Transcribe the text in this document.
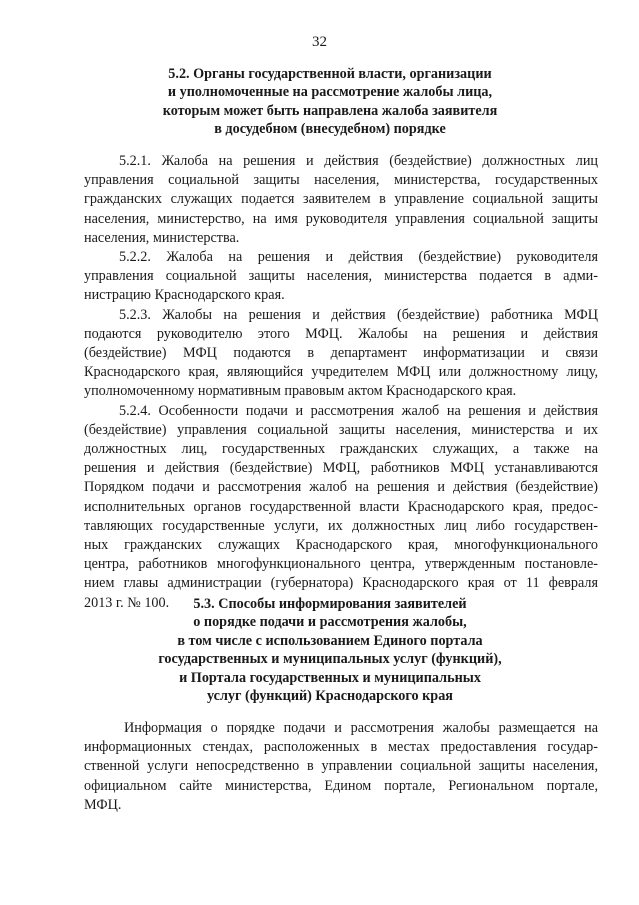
32
5.2. Органы государственной власти, организации
и уполномоченные на рассмотрение жалобы лица,
которым может быть направлена жалоба заявителя
в досудебном (внесудебном) порядке

5.2.1. Жалоба на решения и действия (бездействие) должностных лиц
управления социальной защиты населения, министерства, государственных
гражданских служащих подается заявителем в управление социальной защиты
населения, министерство, на имя руководителя управления социальной защиты
населения, министерства.

5.2.2. Жалоба на решения и действия (бездействие) руководителя
управления социальной защиты населения, министерства подается в адми-
нистрацию Краснодарского края.

5.2.3. Жалобы на решения и действия (бездействие) работника МФЦ
подаются руководителю этого МФЦ. Жалобы на решения и действия
(бездействие) МФЦ подаются в департамент информатизации и связи
Краснодарского края, являющийся учредителем МФЦ или должностному лицу,
уполномоченному нормативным правовым актом Краснодарского края.

5.2.4. Особенности подачи и рассмотрения жалоб на решения и действия
(бездействие) управления социальной защиты населения, министерства и их
должностных лиц, государственных гражданских служащих, а также на
решения и действия (бездействие) МФЦ, работников МФЦ устанавливаются
Порядком подачи и рассмотрения жалоб на решения и действия (бездействие)
исполнительных органов государственной власти Краснодарского края, предос-
тавляющих государственные услуги, их должностных лиц либо государствен-
ных гражданских служащих Краснодарского края, многофункционального
центра, работников многофункционального центра, утвержденным постановле-
нием главы администрации (губернатора) Краснодарского края от 11 февраля
2013 г. № 100.	5.3. Способы информирования заявителей
о порядке подачи и рассмотрения жалобы,
в том числе с использованием Единого портала
государственных и муниципальных услуг (функций),
и Портала государственных и муниципальных
услуг (функций) Краснодарского края

Информация о порядке подачи и рассмотрения жалобы размещается на
информационных стендах, расположенных в местах предоставления государ-
ственной услуги непосредственно в управлении социальной защиты населения,
официальном сайте министерства, Едином портале, Региональном портале,
МФЦ.
